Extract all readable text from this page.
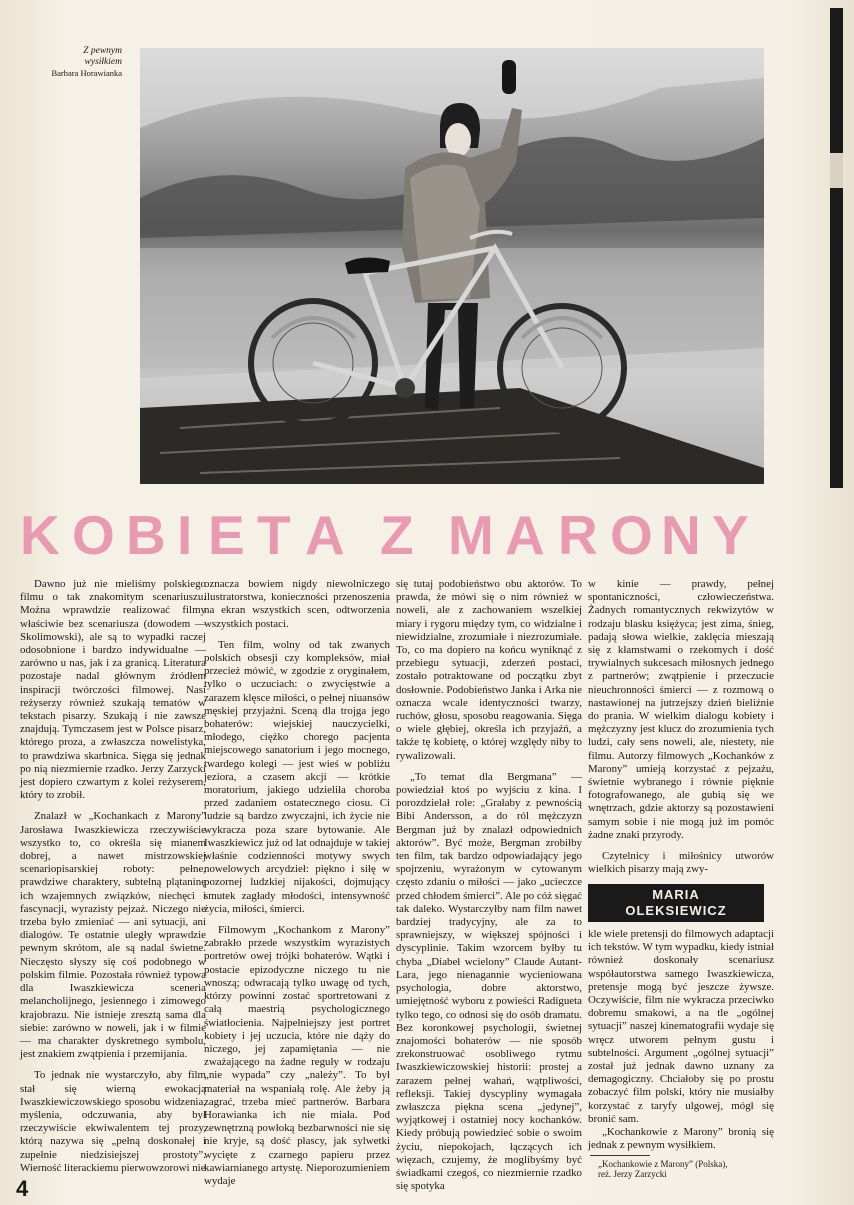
Z pewnym
wysiłkiem
Barbara Horawianka
K O B I E T A Z M A R O N Y

Dawno już nie mieliśmy polskiego filmu o tak znakomitym scenariuszu. Można wprawdzie realizować filmy właściwie bez scenariusza (dowodem — Skolimowski), ale są to wypadki raczej odosobnione i bardzo indywidualne — zarówno u nas, jak i za granicą. Literatura pozostaje nadal głównym źródłem inspiracji twórczości filmowej. Nasi reżyserzy również szukają tematów w tekstach pisarzy. Szukają i nie zawsze znajdują. Tymczasem jest w Polsce pisarz, którego proza, a zwłaszcza nowelistyka, to prawdziwa skarbnica. Sięga się jednak po nią niezmiernie rzadko. Jerzy Zarzycki jest dopiero czwartym z kolei reżyserem, który to zrobił.

Znalazł w „Kochankach z Marony” Jarosława Iwaszkiewicza rzeczywiście wszystko to, co określa się mianem dobrej, a nawet mistrzowskiej scenariopisarskiej roboty: pełne, prawdziwe charaktery, subtelną plątaninę ich wzajemnych związków, niechęci i fascynacji, wyrazisty pejzaż. Niczego nie trzeba było zmieniać — ani sytuacji, ani dialogów. Te ostatnie uległy wprawdzie pewnym skrótom, ale są nadal świetne. Nieczęsto słyszy się coś podobnego w polskim filmie. Pozostała również typowa dla Iwaszkiewicza sceneria melancholijnego, jesiennego i zimowego krajobrazu. Nie istnieje zresztą sama dla siebie: zarówno w noweli, jak i w filmie — ma charakter dyskretnego symbolu, jest znakiem zwątpienia i przemijania.

To jednak nie wystarczyło, aby film stał się wierną ewokacją Iwaszkiewiczowskiego sposobu widzenia, myślenia, odczuwania, aby był rzeczywiście ekwiwalentem tej prozy, którą nazywa się „pełną doskonałej i zupełnie niedzisiejszej prostoty”. Wierność literackiemu pierwowzorowi nie

oznacza bowiem nigdy niewolniczego ilustratorstwa, konieczności przenoszenia na ekran wszystkich scen, odtworzenia wszystkich postaci.

Ten film, wolny od tak zwanych polskich obsesji czy kompleksów, miał przecież mówić, w zgodzie z oryginałem, tylko o uczuciach: o zwycięstwie a zarazem klęsce miłości, o pełnej niuansów męskiej przyjaźni. Sceną dla trojga jego bohaterów: wiejskiej nauczycielki, młodego, ciężko chorego pacjenta miejscowego sanatorium i jego mocnego, twardego kolegi — jest wieś w pobliżu jeziora, a czasem akcji — krótkie moratorium, jakiego udzieliła choroba przed zadaniem ostatecznego ciosu. Ci ludzie są bardzo zwyczajni, ich życie nie wykracza poza szare bytowanie. Ale Iwaszkiewicz już od lat odnajduje w takiej właśnie codzienności motywy swych nowelowych arcydzieł: piękno i siłę w pozornej ludzkiej nijakości, dojmujący smutek zagłady młodości, intensywność życia, miłości, śmierci.

Filmowym „Kochankom z Marony” zabrakło przede wszystkim wyrazistych portretów owej trójki bohaterów. Wątki i postacie epizodyczne niczego tu nie wnoszą; odwracają tylko uwagę od tych, którzy powinni zostać sportretowani z całą maestrią psychologicznego światłocienia. Najpełniejszy jest portret kobiety i jej uczucia, które nie dąży do niczego, jej zapamiętania — nie zważającego na żadne reguły w rodzaju „nie wypada” czy „należy”. To był materiał na wspaniałą rolę. Ale żeby ją zagrać, trzeba mieć partnerów. Barbara Horawianka ich nie miała. Pod zewnętrzną powłoką bezbarwności nie się nie kryje, są dość płascy, jak sylwetki wycięte z czarnego papieru przez kawiarnianego artystę. Nieporozumieniem wydaje

się tutaj podobieństwo obu aktorów. To prawda, że mówi się o nim również w noweli, ale z zachowaniem wszelkiej miary i rygoru między tym, co widzialne i niewidzialne, zrozumiałe i niezrozumiałe. To, co ma dopiero na końcu wyniknąć z przebiegu sytuacji, zderzeń postaci, zostało potraktowane od początku zbyt dosłownie. Podobieństwo Janka i Arka nie oznacza wcale identyczności twarzy, ruchów, głosu, sposobu reagowania. Sięga o wiele głębiej, określa ich przyjaźń, a także tę kobietę, o której względy niby to rywalizowali.

„To temat dla Bergmana” — powiedział ktoś po wyjściu z kina. I porozdzielał role: „Grałaby z pewnością Bibi Andersson, a do ról mężczyzn Bergman już by znalazł odpowiednich aktorów”. Być może, Bergman zrobiłby ten film, tak bardzo odpowiadający jego spojrzeniu, wyrażonym w cytowanym często zdaniu o miłości — jako „ucieczce przed chłodem śmierci”. Ale po cóż sięgać tak daleko. Wystarczyłby nam film nawet bardziej tradycyjny, ale za to sprawniejszy, w większej spójności i dyscyplinie. Takim wzorcem byłby tu chyba „Diabeł wcielony” Claude Autant-Lara, jego nienagannie wycieniowana psychologia, dobre aktorstwo, umiejętność wyboru z powieści Radigueta tylko tego, co odnosi się do osób dramatu. Bez koronkowej psychologii, świetnej znajomości bohaterów — nie sposób zrekonstruować osobliwego rytmu Iwaszkiewiczowskiej historii: prostej a zarazem pełnej wahań, wątpliwości, refleksji. Takiej dyscypliny wymagała zwłaszcza piękna scena „jedynej”, wyjątkowej i ostatniej nocy kochanków. Kiedy próbują powiedzieć sobie o swoim życiu, niepokojach, łączących ich więzach, czujemy, że moglibyśmy być świadkami czegoś, co niezmiernie rzadko się spotyka

w kinie — prawdy, pełnej spontaniczności, człowieczeństwa. Żadnych romantycznych rekwizytów w rodzaju blasku księżyca; jest zima, śnieg, padają słowa wielkie, zaklęcia mieszają się z kłamstwami o rzekomych i dość trywialnych sukcesach miłosnych jednego z partnerów; zwątpienie i przeczucie nieuchronności śmierci — z rozmową o nastawionej na jutrzejszy dzień bieliźnie do prania. W wielkim dialogu kobiety i mężczyzny jest klucz do zrozumienia tych ludzi, cały sens noweli, ale, niestety, nie filmu. Autorzy filmowych „Kochanków z Marony” umieją korzystać z pejzażu, świetnie wybranego i równie pięknie fotografowanego, ale gubią się we wnętrzach, gdzie aktorzy są pozostawieni samym sobie i nie mogą już im pomóc żadne znaki przyrody.

Czytelnicy i miłośnicy utworów wielkich pisarzy mają zwy-

MARIA
OLEKSIEWICZ

kle wiele pretensji do filmowych adaptacji ich tekstów. W tym wypadku, kiedy istniał również doskonały scenariusz współautorstwa samego Iwaszkiewicza, pretensje mogą być jeszcze żywsze. Oczywiście, film nie wykracza przeciwko dobremu smakowi, a na tle „ogólnej sytuacji” naszej kinematografii wydaje się wręcz utworem pełnym gustu i subtelności. Argument „ogólnej sytuacji” został już jednak dawno uznany za demagogiczny. Chciałoby się po prostu zobaczyć film polski, który nie musiałby korzystać z taryfy ulgowej, mógł się bronić sam.

„Kochankowie z Marony” bronią się jednak z pewnym wysiłkiem.

„Kochankowie z Marony” (Polska),
reż. Jerzy Zarzycki
4
